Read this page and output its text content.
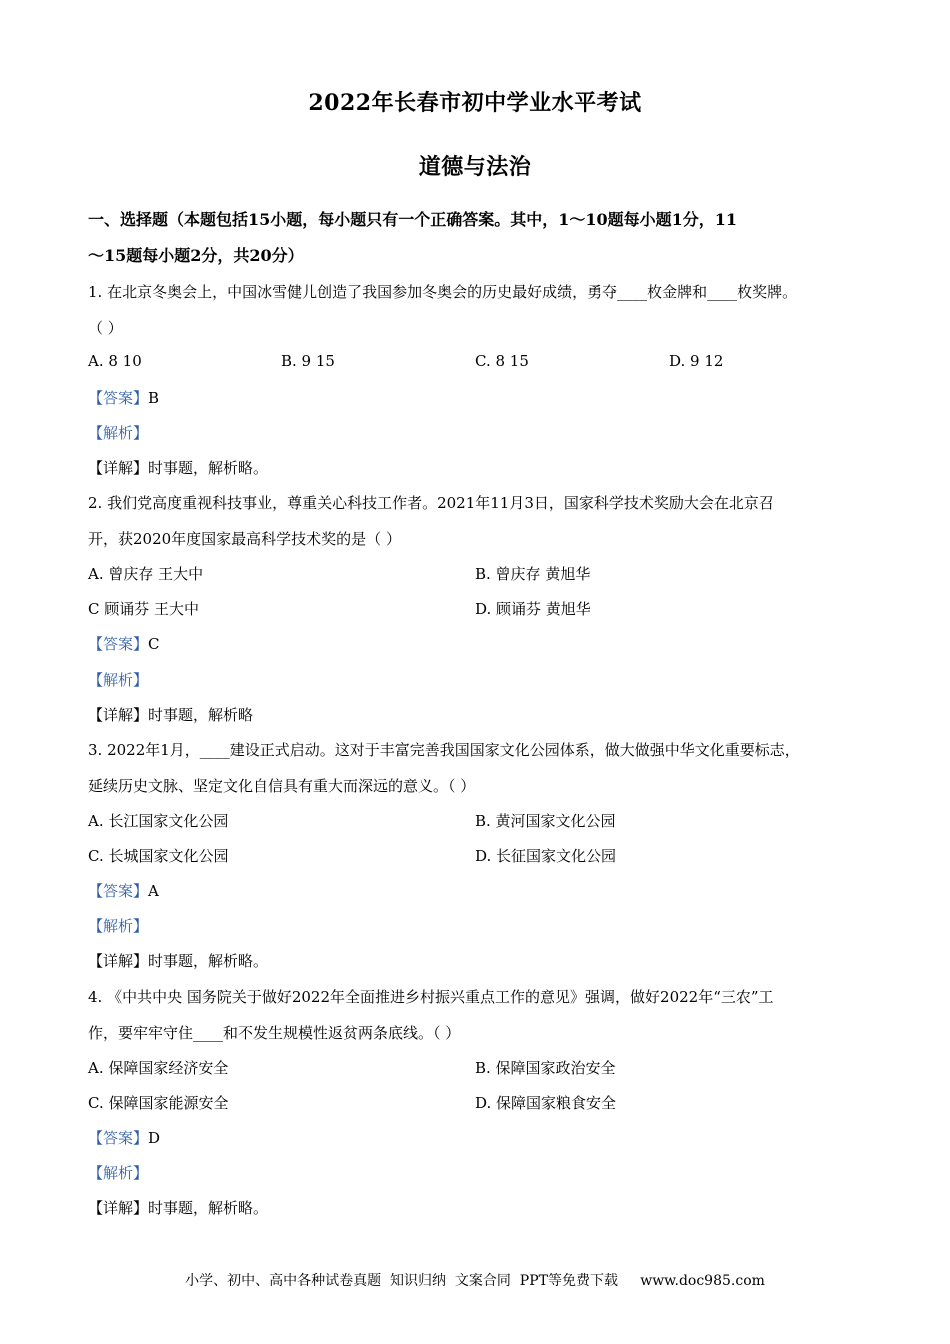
2022年长春市初中学业水平考试
道德与法治
一、选择题（本题包括15小题，每小题只有一个正确答案。其中，1～10题每小题1分，11
～15题每小题2分，共20分）
1. 在北京冬奥会上，中国冰雪健儿创造了我国参加冬奥会的历史最好成绩，勇夺____枚金牌和____枚奖牌。
（ ）
A. 8 10	B. 9 15	C. 8 15	D. 9 12
【答案】B
【解析】
【详解】时事题，解析略。
2. 我们党高度重视科技事业，尊重关心科技工作者。2021年11月3日，国家科学技术奖励大会在北京召
开，获2020年度国家最高科学技术奖的是（ ）
A. 曾庆存 王大中	B. 曾庆存 黄旭华
C 顾诵芬 王大中	D. 顾诵芬 黄旭华
【答案】C
【解析】
【详解】时事题，解析略
3. 2022年1月，____建设正式启动。这对于丰富完善我国国家文化公园体系，做大做强中华文化重要标志，
延续历史文脉、坚定文化自信具有重大而深远的意义。（ ）
A. 长江国家文化公园	B. 黄河国家文化公园
C. 长城国家文化公园	D. 长征国家文化公园
【答案】A
【解析】
【详解】时事题，解析略。
4. 《中共中央 国务院关于做好2022年全面推进乡村振兴重点工作的意见》强调，做好2022年“三农”工
作，要牢牢守住____和不发生规模性返贫两条底线。（ ）
A. 保障国家经济安全	B. 保障国家政治安全
C. 保障国家能源安全	D. 保障国家粮食安全
【答案】D
【解析】
【详解】时事题，解析略。
小学、初中、高中各种试卷真题  知识归纳  文案合同  PPT等免费下载     www.doc985.com
